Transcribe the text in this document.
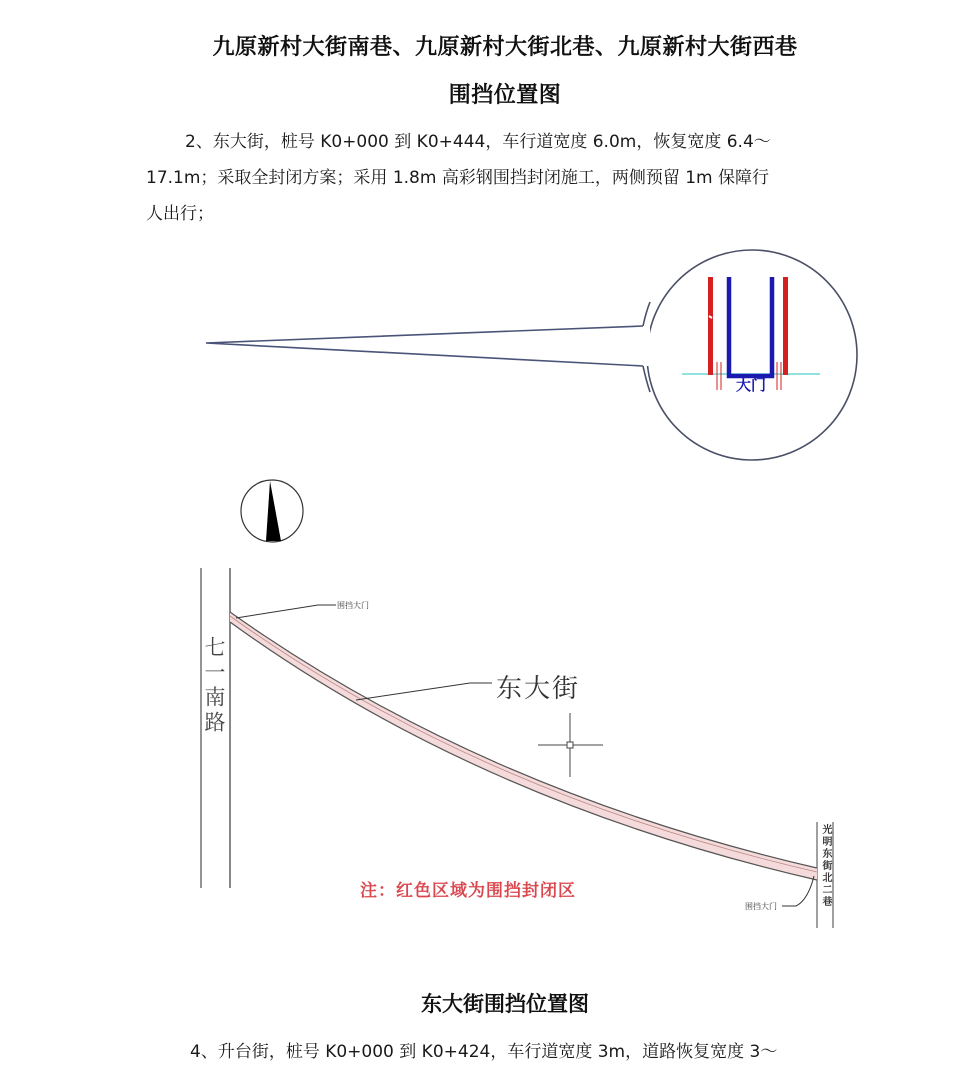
九原新村大街南巷、九原新村大街北巷、九原新村大街西巷
围挡位置图
2、东大街，桩号 K0+000 到 K0+444，车行道宽度 6.0m，恢复宽度 6.4～
17.1m；采取全封闭方案；采用 1.8m 高彩钢围挡封闭施工，两侧预留 1m 保障行
人出行；
大门
七一南路
光明东街北二巷
东大街
围挡大门
围挡大门
注：红色区域为围挡封闭区
东大街围挡位置图
4、升台街，桩号 K0+000 到 K0+424，车行道宽度 3m，道路恢复宽度 3～
